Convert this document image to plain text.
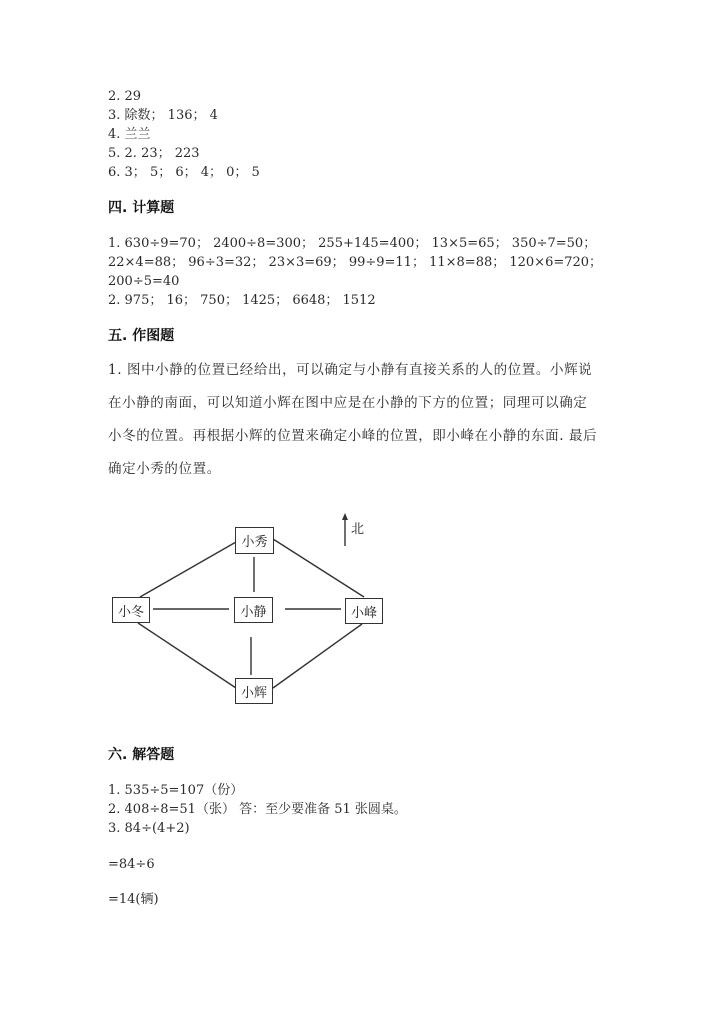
2. 29
3. 除数； 136； 4
4. 兰兰
5. 2. 23； 223
6. 3； 5； 6； 4； 0； 5
四. 计算题
1. 630÷9=70； 2400÷8=300； 255+145=400； 13×5=65； 350÷7=50；
22×4=88； 96÷3=32； 23×3=69； 99÷9=11； 11×8=88； 120×6=720；
200÷5=40
2. 975； 16； 750； 1425； 6648； 1512
五. 作图题
1. 图中小静的位置已经给出，可以确定与小静有直接关系的人的位置。小辉说
在小静的南面，可以知道小辉在图中应是在小静的下方的位置；同理可以确定
小冬的位置。再根据小辉的位置来确定小峰的位置，即小峰在小静的东面. 最后
确定小秀的位置。
北
小秀
小冬	小静	小峰
小辉
六. 解答题
1. 535÷5=107（份）
2. 408÷8=51（张） 答：至少要准备 51 张圆桌。
3. 84÷(4+2)
=84÷6
=14(辆)
